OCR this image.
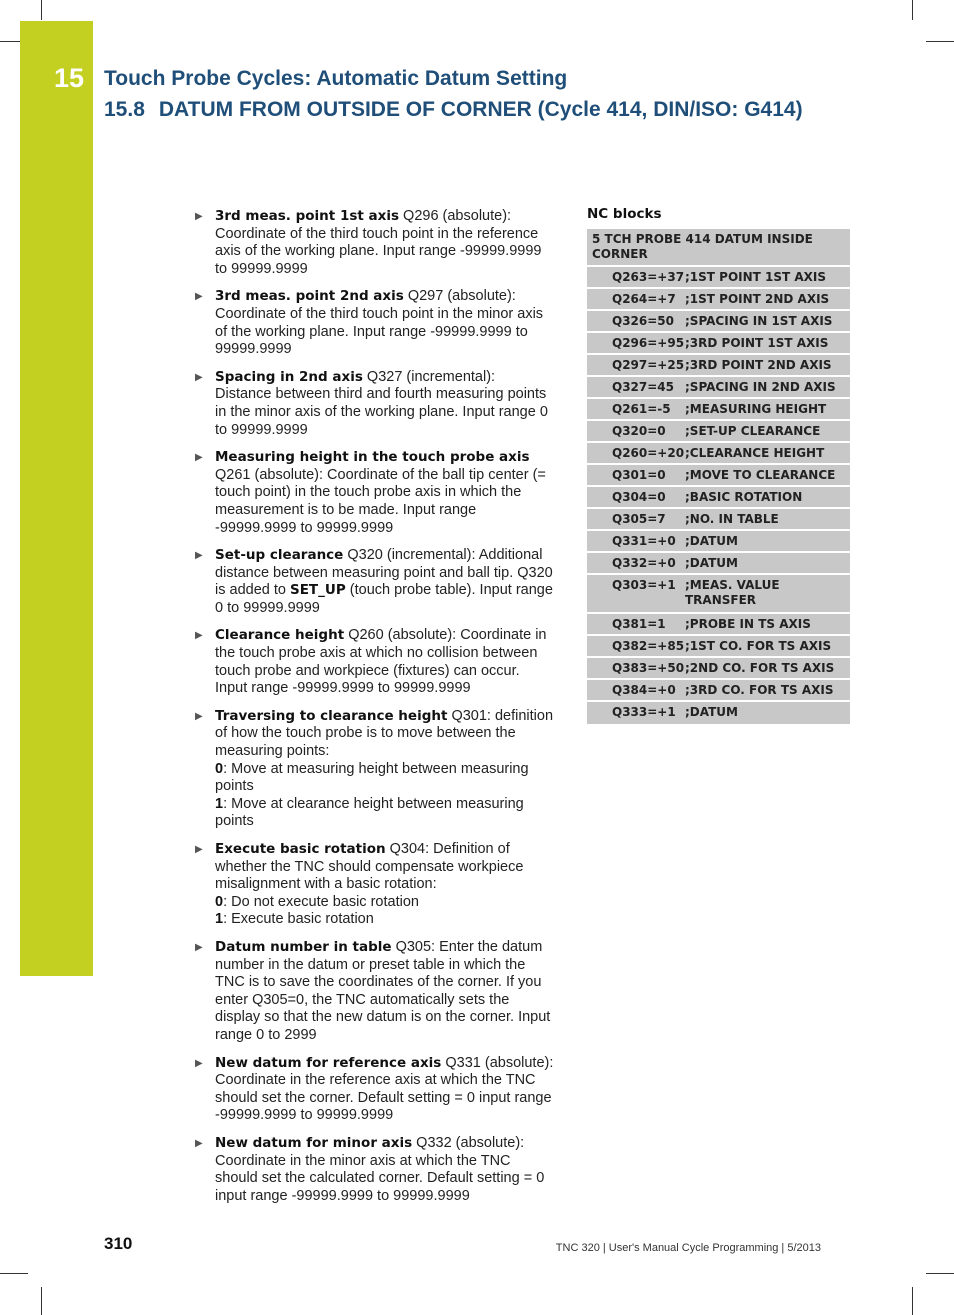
15 Touch Probe Cycles: Automatic Datum Setting
15.8 DATUM FROM OUTSIDE OF CORNER (Cycle 414, DIN/ISO: G414)
▶ 3rd meas. point 1st axis Q296 (absolute): Coordinate of the third touch point in the reference axis of the working plane. Input range -99999.9999 to 99999.9999
▶ 3rd meas. point 2nd axis Q297 (absolute): Coordinate of the third touch point in the minor axis of the working plane. Input range -99999.9999 to 99999.9999
▶ Spacing in 2nd axis Q327 (incremental): Distance between third and fourth measuring points in the minor axis of the working plane. Input range 0 to 99999.9999
▶ Measuring height in the touch probe axis Q261 (absolute): Coordinate of the ball tip center (= touch point) in the touch probe axis in which the measurement is to be made. Input range -99999.9999 to 99999.9999
▶ Set-up clearance Q320 (incremental): Additional distance between measuring point and ball tip. Q320 is added to SET_UP (touch probe table). Input range 0 to 99999.9999
▶ Clearance height Q260 (absolute): Coordinate in the touch probe axis at which no collision between touch probe and workpiece (fixtures) can occur. Input range -99999.9999 to 99999.9999
▶ Traversing to clearance height Q301: definition of how the touch probe is to move between the measuring points:
0: Move at measuring height between measuring points
1: Move at clearance height between measuring points
▶ Execute basic rotation Q304: Definition of whether the TNC should compensate workpiece misalignment with a basic rotation:
0: Do not execute basic rotation
1: Execute basic rotation
▶ Datum number in table Q305: Enter the datum number in the datum or preset table in which the TNC is to save the coordinates of the corner. If you enter Q305=0, the TNC automatically sets the display so that the new datum is on the corner. Input range 0 to 2999
▶ New datum for reference axis Q331 (absolute): Coordinate in the reference axis at which the TNC should set the corner. Default setting = 0 input range -99999.9999 to 99999.9999
▶ New datum for minor axis Q332 (absolute): Coordinate in the minor axis at which the TNC should set the calculated corner. Default setting = 0 input range -99999.9999 to 99999.9999
NC blocks
5 TCH PROBE 414 DATUM INSIDE CORNER
Q263=+37 ;1ST POINT 1ST AXIS
Q264=+7 ;1ST POINT 2ND AXIS
Q326=50 ;SPACING IN 1ST AXIS
Q296=+95 ;3RD POINT 1ST AXIS
Q297=+25 ;3RD POINT 2ND AXIS
Q327=45 ;SPACING IN 2ND AXIS
Q261=-5	;MEASURING HEIGHT
Q320=0	;SET-UP CLEARANCE
Q260=+20 ;CLEARANCE HEIGHT
Q301=0	;MOVE TO CLEARANCE
Q304=0	;BASIC ROTATION
Q305=7	;NO. IN TABLE
Q331=+0 ;DATUM
Q332=+0 ;DATUM
Q303=+1 ;MEAS. VALUE TRANSFER
Q381=1	;PROBE IN TS AXIS
Q382=+85 ;1ST CO. FOR TS AXIS
Q383=+50 ;2ND CO. FOR TS AXIS
Q384=+0 ;3RD CO. FOR TS AXIS
Q333=+1 ;DATUM
310	TNC 320 | User's Manual Cycle Programming | 5/2013
